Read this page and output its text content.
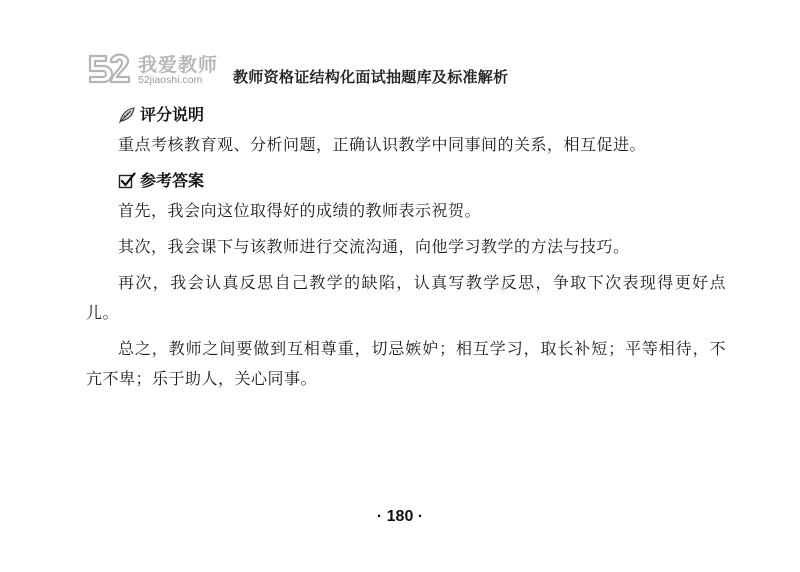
我爱教师
52jiaoshi.com 教师资格证结构化面试抽题库及标准解析
评分说明

重点考核教育观、分析问题，正确认识教学中同事间的关系，相互促进。

参考答案

首先，我会向这位取得好的成绩的教师表示祝贺。

其次，我会课下与该教师进行交流沟通，向他学习教学的方法与技巧。

再次，我会认真反思自己教学的缺陷，认真写教学反思，争取下次表现得更好点儿。

总之，教师之间要做到互相尊重，切忌嫉妒；相互学习，取长补短；平等相待，不亢不卑；乐于助人，关心同事。

· 180 ·
